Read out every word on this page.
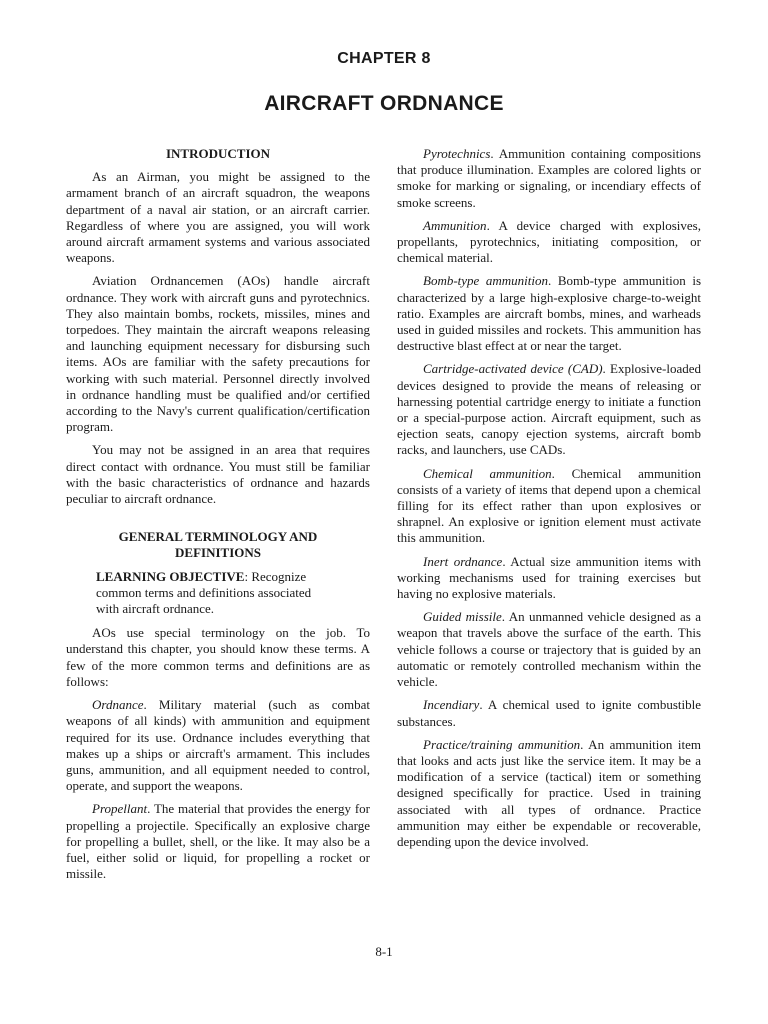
CHAPTER 8
AIRCRAFT ORDNANCE
INTRODUCTION

As an Airman, you might be assigned to the armament branch of an aircraft squadron, the weapons department of a naval air station, or an aircraft carrier. Regardless of where you are assigned, you will work around aircraft armament systems and various associated weapons.

Aviation Ordnancemen (AOs) handle aircraft ordnance. They work with aircraft guns and pyrotechnics. They also maintain bombs, rockets, missiles, mines and torpedoes. They maintain the aircraft weapons releasing and launching equipment necessary for disbursing such items. AOs are familiar with the safety precautions for working with such material. Personnel directly involved in ordnance handling must be qualified and/or certified according to the Navy's current qualification/certification program.

You may not be assigned in an area that requires direct contact with ordnance. You must still be familiar with the basic characteristics of ordnance and hazards peculiar to aircraft ordnance.

GENERAL TERMINOLOGY AND DEFINITIONS
LEARNING OBJECTIVE: Recognize common terms and definitions associated with aircraft ordnance.

AOs use special terminology on the job. To understand this chapter, you should know these terms. A few of the more common terms and definitions are as follows:

Ordnance. Military material (such as combat weapons of all kinds) with ammunition and equipment required for its use. Ordnance includes everything that makes up a ships or aircraft's armament. This includes guns, ammunition, and all equipment needed to control, operate, and support the weapons.

Propellant. The material that provides the energy for propelling a projectile. Specifically an explosive charge for propelling a bullet, shell, or the like. It may also be a fuel, either solid or liquid, for propelling a rocket or missile.

Pyrotechnics. Ammunition containing compositions that produce illumination. Examples are colored lights or smoke for marking or signaling, or incendiary effects of smoke screens.

Ammunition. A device charged with explosives, propellants, pyrotechnics, initiating composition, or chemical material.

Bomb-type ammunition. Bomb-type ammunition is characterized by a large high-explosive charge-to-weight ratio. Examples are aircraft bombs, mines, and warheads used in guided missiles and rockets. This ammunition has destructive blast effect at or near the target.

Cartridge-activated device (CAD). Explosive-loaded devices designed to provide the means of releasing or harnessing potential cartridge energy to initiate a function or a special-purpose action. Aircraft equipment, such as ejection seats, canopy ejection systems, aircraft bomb racks, and launchers, use CADs.

Chemical ammunition. Chemical ammunition consists of a variety of items that depend upon a chemical filling for its effect rather than upon explosives or shrapnel. An explosive or ignition element must activate this ammunition.

Inert ordnance. Actual size ammunition items with working mechanisms used for training exercises but having no explosive materials.

Guided missile. An unmanned vehicle designed as a weapon that travels above the surface of the earth. This vehicle follows a course or trajectory that is guided by an automatic or remotely controlled mechanism within the vehicle.

Incendiary. A chemical used to ignite combustible substances.

Practice/training ammunition. An ammunition item that looks and acts just like the service item. It may be a modification of a service (tactical) item or something designed specifically for practice. Used in training associated with all types of ordnance. Practice ammunition may either be expendable or recoverable, depending upon the device involved.

8-1
